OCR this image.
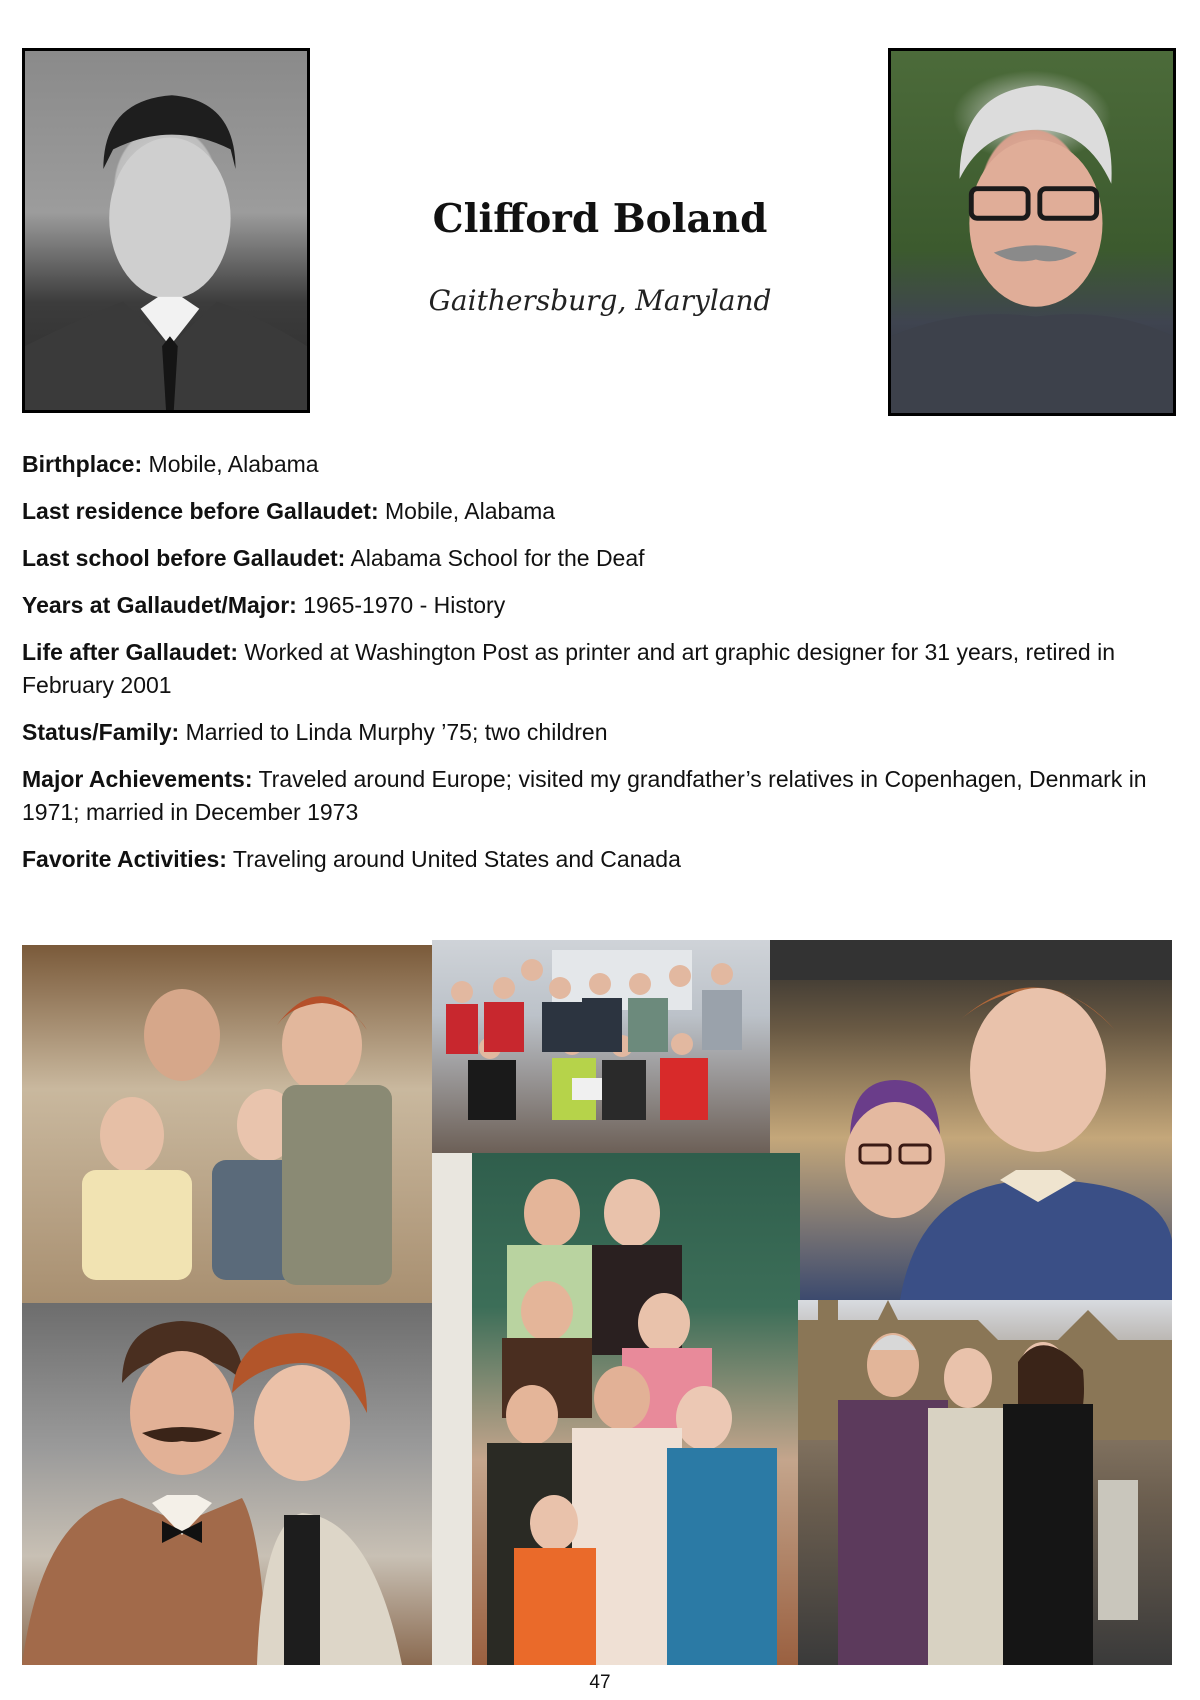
Clifford Boland

Gaithersburg, Maryland

Birthplace: Mobile, Alabama

Last residence before Gallaudet: Mobile, Alabama

Last school before Gallaudet: Alabama School for the Deaf

Years at Gallaudet/Major: 1965-1970 - History

Life after Gallaudet: Worked at Washington Post as printer and art graphic designer for 31 years, retired in February 2001

Status/Family: Married to Linda Murphy ’75; two children

Major Achievements: Traveled around Europe; visited my grandfather’s relatives in Copenhagen, Denmark in 1971; married in December 1973

Favorite Activities: Traveling around United States and Canada

47
